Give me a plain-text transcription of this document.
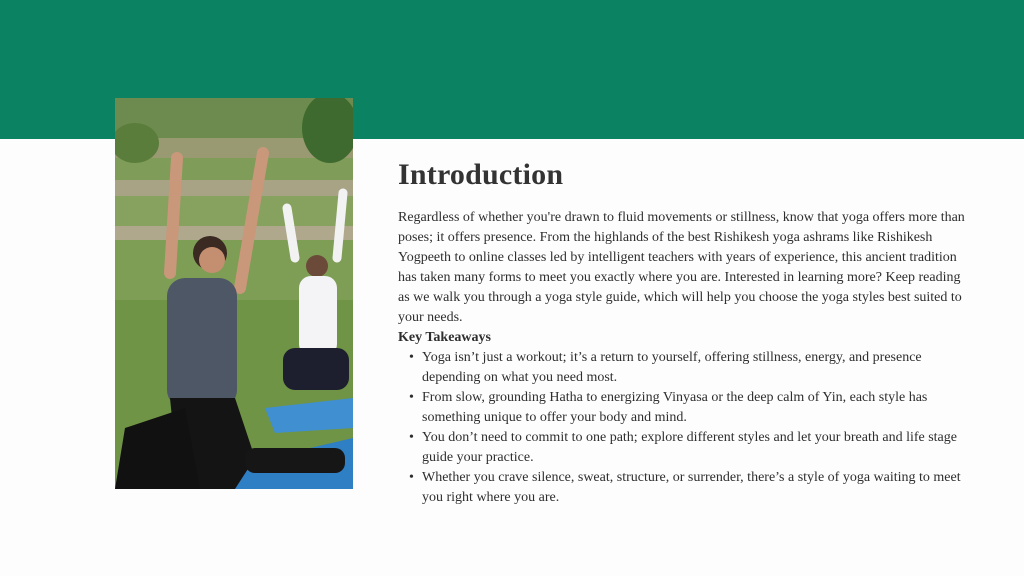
Introduction

Regardless of whether you're drawn to fluid movements or stillness, know that yoga offers more than poses; it offers presence. From the highlands of the best Rishikesh yoga ashrams like Rishikesh Yogpeeth to online classes led by intelligent teachers with years of experience, this ancient tradition has taken many forms to meet you exactly where you are. Interested in learning more? Keep reading as we walk you through a yoga style guide, which will help you choose the yoga styles best suited to your needs.

Key Takeaways

• Yoga isn’t just a workout; it’s a return to yourself, offering stillness, energy, and presence depending on what you need most.
• From slow, grounding Hatha to energizing Vinyasa or the deep calm of Yin, each style has something unique to offer your body and mind.
• You don’t need to commit to one path; explore different styles and let your breath and life stage guide your practice.
• Whether you crave silence, sweat, structure, or surrender, there’s a style of yoga waiting to meet you right where you are.
